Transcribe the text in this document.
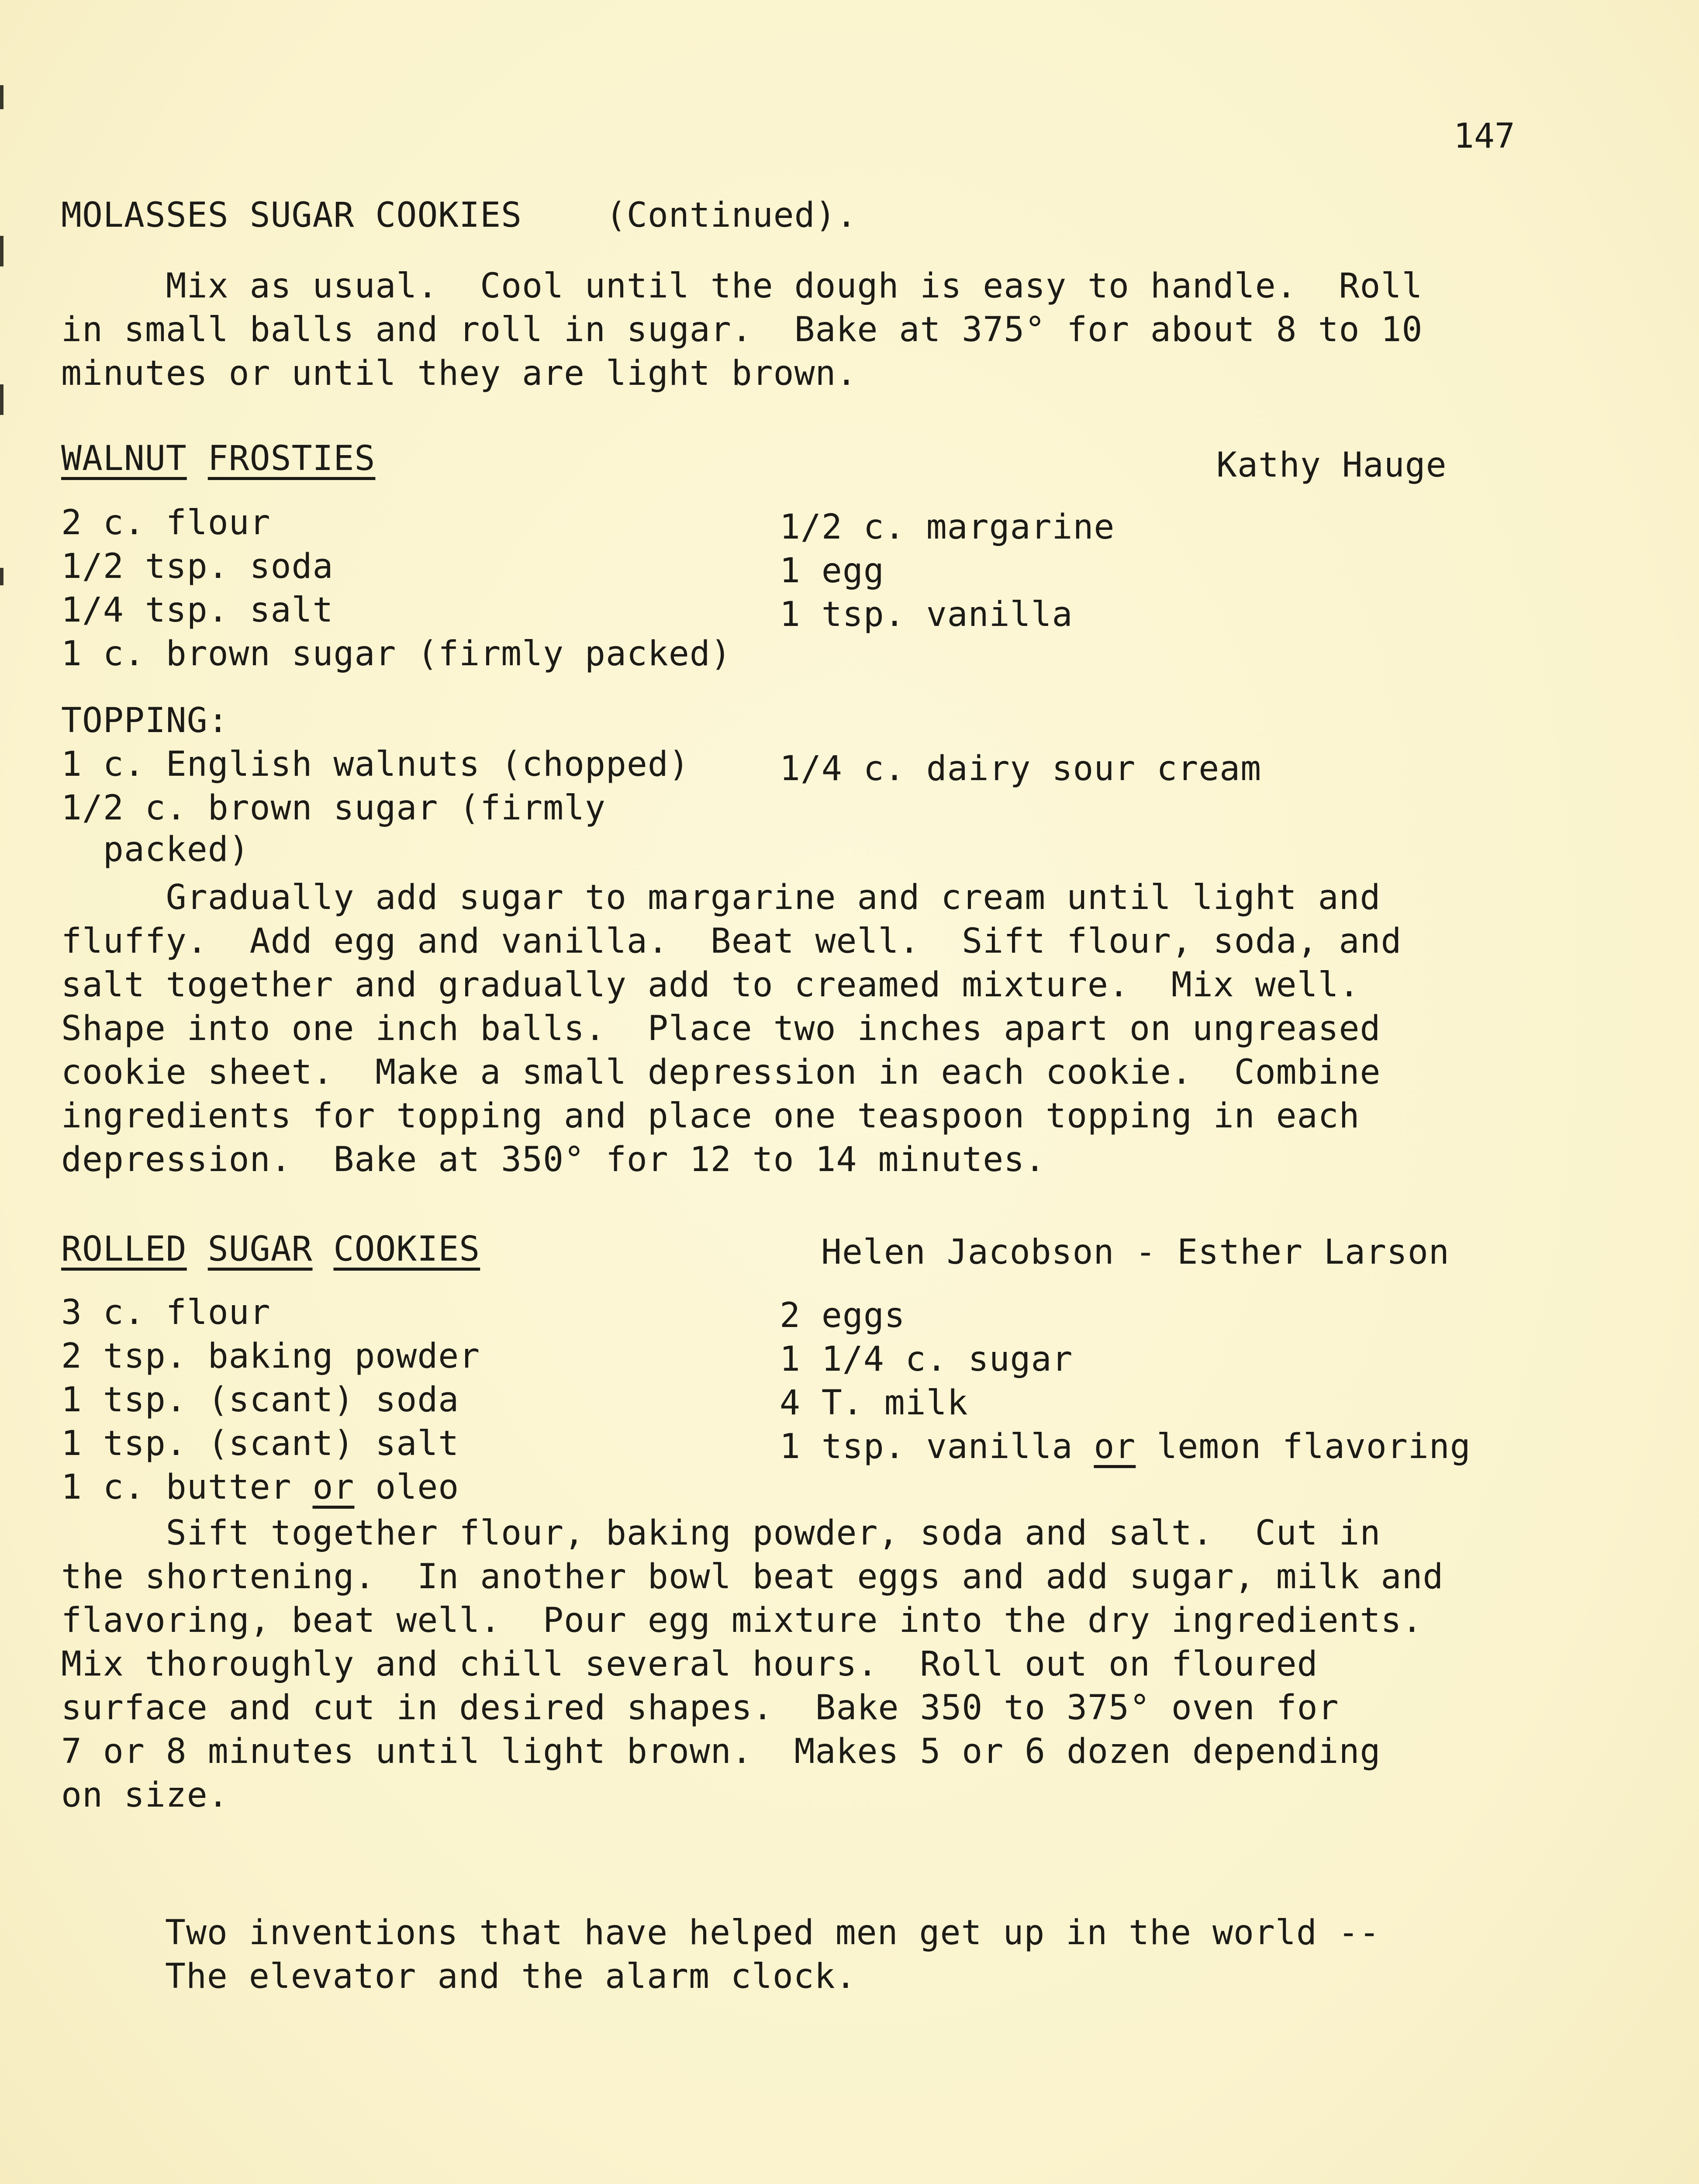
147
MOLASSES SUGAR COOKIES (Continued).
Mix as usual.  Cool until the dough is easy to handle.  Roll
in small balls and roll in sugar.  Bake at 375° for about 8 to 10
minutes or until they are light brown.
WALNUT FROSTIES	Kathy Hauge
2 c. flour
1/2 tsp. soda
1/4 tsp. salt
1 c. brown sugar (firmly packed)
1/2 c. margarine
1 egg
1 tsp. vanilla
TOPPING:
1 c. English walnuts (chopped)
1/2 c. brown sugar (firmly
packed)
1/4 c. dairy sour cream
Gradually add sugar to margarine and cream until light and
fluffy.  Add egg and vanilla.  Beat well.  Sift flour, soda, and
salt together and gradually add to creamed mixture.  Mix well.
Shape into one inch balls.  Place two inches apart on ungreased
cookie sheet.  Make a small depression in each cookie.  Combine
ingredients for topping and place one teaspoon topping in each
depression.  Bake at 350° for 12 to 14 minutes.
ROLLED SUGAR COOKIES	Helen Jacobson - Esther Larson
3 c. flour
2 tsp. baking powder
1 tsp. (scant) soda
1 tsp. (scant) salt
1 c. butter or oleo
2 eggs
1 1/4 c. sugar
4 T. milk
1 tsp. vanilla or lemon flavoring
Sift together flour, baking powder, soda and salt.  Cut in
the shortening.  In another bowl beat eggs and add sugar, milk and
flavoring, beat well.  Pour egg mixture into the dry ingredients.
Mix thoroughly and chill several hours.  Roll out on floured
surface and cut in desired shapes.  Bake 350 to 375° oven for
7 or 8 minutes until light brown.  Makes 5 or 6 dozen depending
on size.
Two inventions that have helped men get up in the world --
The elevator and the alarm clock.
